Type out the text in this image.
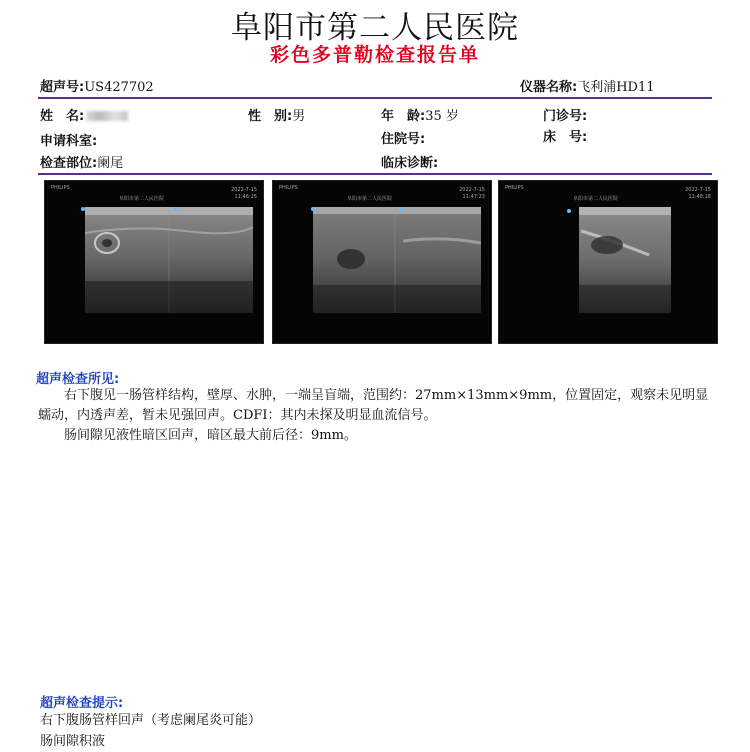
阜阳市第二人民医院
彩色多普勒检查报告单
超声号:US427702	仪器名称:飞利浦HD11
姓　名:	性　别:男	年　龄:35 岁	门诊号:
申请科室:	住院号:	床　号:
检查部位:阑尾	临床诊断:
PHILIPS
阜阳市第二人民医院
2022-7-15
11:46:25
PHILIPS
阜阳市第二人民医院
2022-7-15
11:47:23
PHILIPS
阜阳市第二人民医院
2022-7-15
11:48:18
超声检查所见:

右下腹见一肠管样结构，壁厚、水肿，一端呈盲端，范围约：27mm×13mm×9mm，位置固定，观察未见明显蠕动，内透声差，暂未见强回声。CDFI：其内未探及明显血流信号。

肠间隙见液性暗区回声，暗区最大前后径：9mm。

超声检查提示:
右下腹肠管样回声（考虑阑尾炎可能）
肠间隙积液
